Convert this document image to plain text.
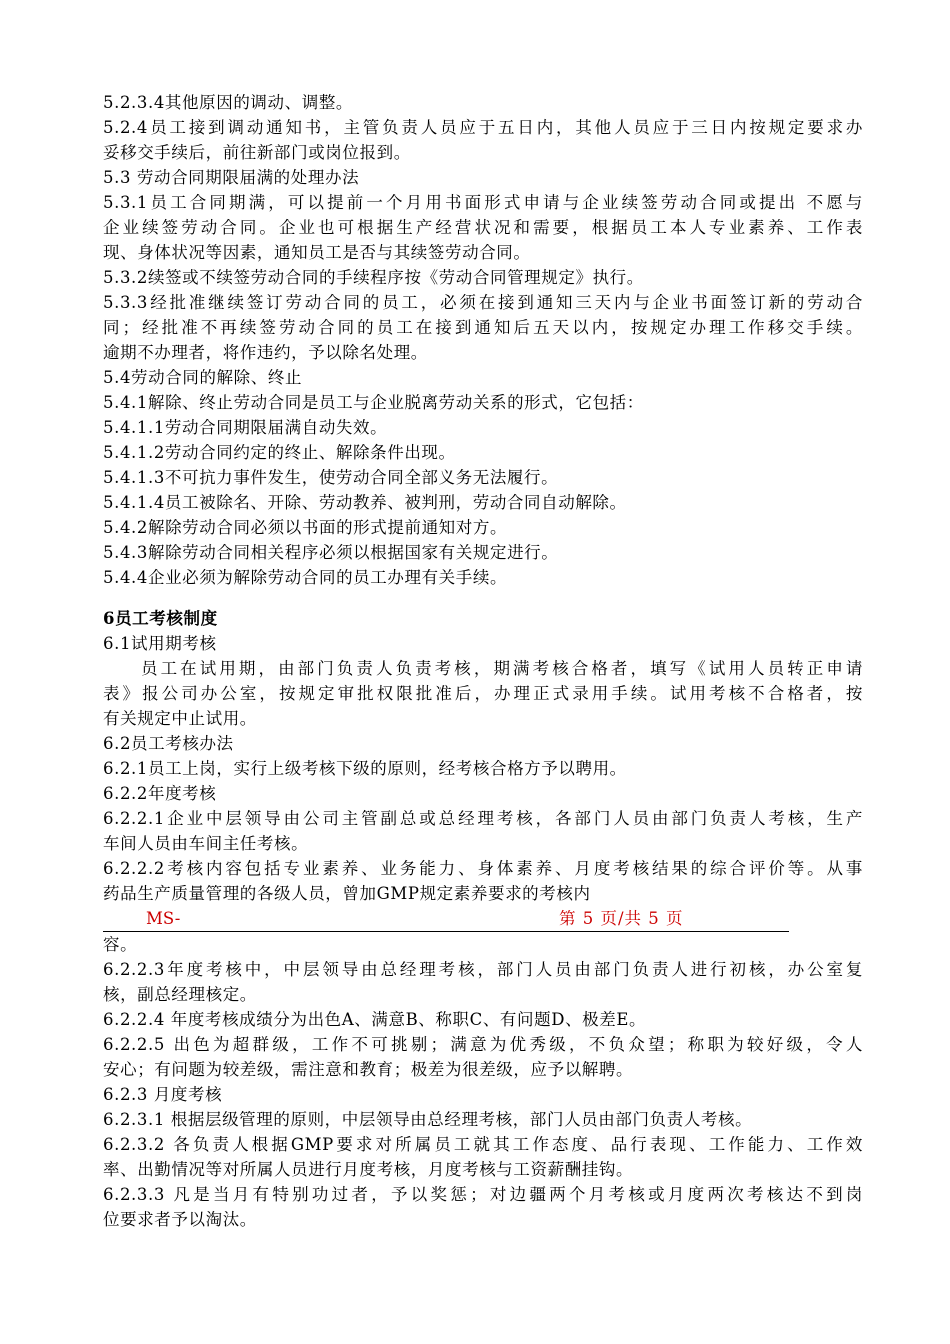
5.2.3.4其他原因的调动、调整。
5.2.4员工接到调动通知书，主管负责人员应于五日内，其他人员应于三日内按规定要求办
妥移交手续后，前往新部门或岗位报到。
5.3 劳动合同期限届满的处理办法
5.3.1员工合同期满，可以提前一个月用书面形式申请与企业续签劳动合同或提出 不愿与
企业续签劳动合同。企业也可根据生产经营状况和需要，根据员工本人专业素养、工作表
现、身体状况等因素，通知员工是否与其续签劳动合同。
5.3.2续签或不续签劳动合同的手续程序按《劳动合同管理规定》执行。
5.3.3经批准继续签订劳动合同的员工，必须在接到通知三天内与企业书面签订新的劳动合
同；经批准不再续签劳动合同的员工在接到通知后五天以内，按规定办理工作移交手续。
逾期不办理者，将作违约，予以除名处理。
5.4劳动合同的解除、终止
5.4.1解除、终止劳动合同是员工与企业脱离劳动关系的形式，它包括：
5.4.1.1劳动合同期限届满自动失效。
5.4.1.2劳动合同约定的终止、解除条件出现。
5.4.1.3不可抗力事件发生，使劳动合同全部义务无法履行。
5.4.1.4员工被除名、开除、劳动教养、被判刑，劳动合同自动解除。
5.4.2解除劳动合同必须以书面的形式提前通知对方。
5.4.3解除劳动合同相关程序必须以根据国家有关规定进行。
5.4.4企业必须为解除劳动合同的员工办理有关手续。
6员工考核制度
6.1试用期考核
员工在试用期，由部门负责人负责考核，期满考核合格者，填写《试用人员转正申请
表》报公司办公室，按规定审批权限批准后，办理正式录用手续。试用考核不合格者，按
有关规定中止试用。
6.2员工考核办法
6.2.1员工上岗，实行上级考核下级的原则，经考核合格方予以聘用。
6.2.2年度考核
6.2.2.1企业中层领导由公司主管副总或总经理考核，各部门人员由部门负责人考核，生产
车间人员由车间主任考核。
6.2.2.2考核内容包括专业素养、业务能力、身体素养、月度考核结果的综合评价等。从事
药品生产质量管理的各级人员，曾加GMP规定素养要求的考核内
MS-	第 5 页/共 5 页
容。
6.2.2.3年度考核中，中层领导由总经理考核，部门人员由部门负责人进行初核，办公室复
核，副总经理核定。
6.2.2.4 年度考核成绩分为出色A、满意B、称职C、有问题D、极差E。
6.2.2.5 出色为超群级，工作不可挑剔；满意为优秀级，不负众望；称职为较好级，令人
安心；有问题为较差级，需注意和教育；极差为很差级，应予以解聘。
6.2.3 月度考核
6.2.3.1 根据层级管理的原则，中层领导由总经理考核，部门人员由部门负责人考核。
6.2.3.2 各负责人根据GMP要求对所属员工就其工作态度、品行表现、工作能力、工作效
率、出勤情况等对所属人员进行月度考核，月度考核与工资薪酬挂钩。
6.2.3.3 凡是当月有特别功过者，予以奖惩；对边疆两个月考核或月度两次考核达不到岗
位要求者予以淘汰。
